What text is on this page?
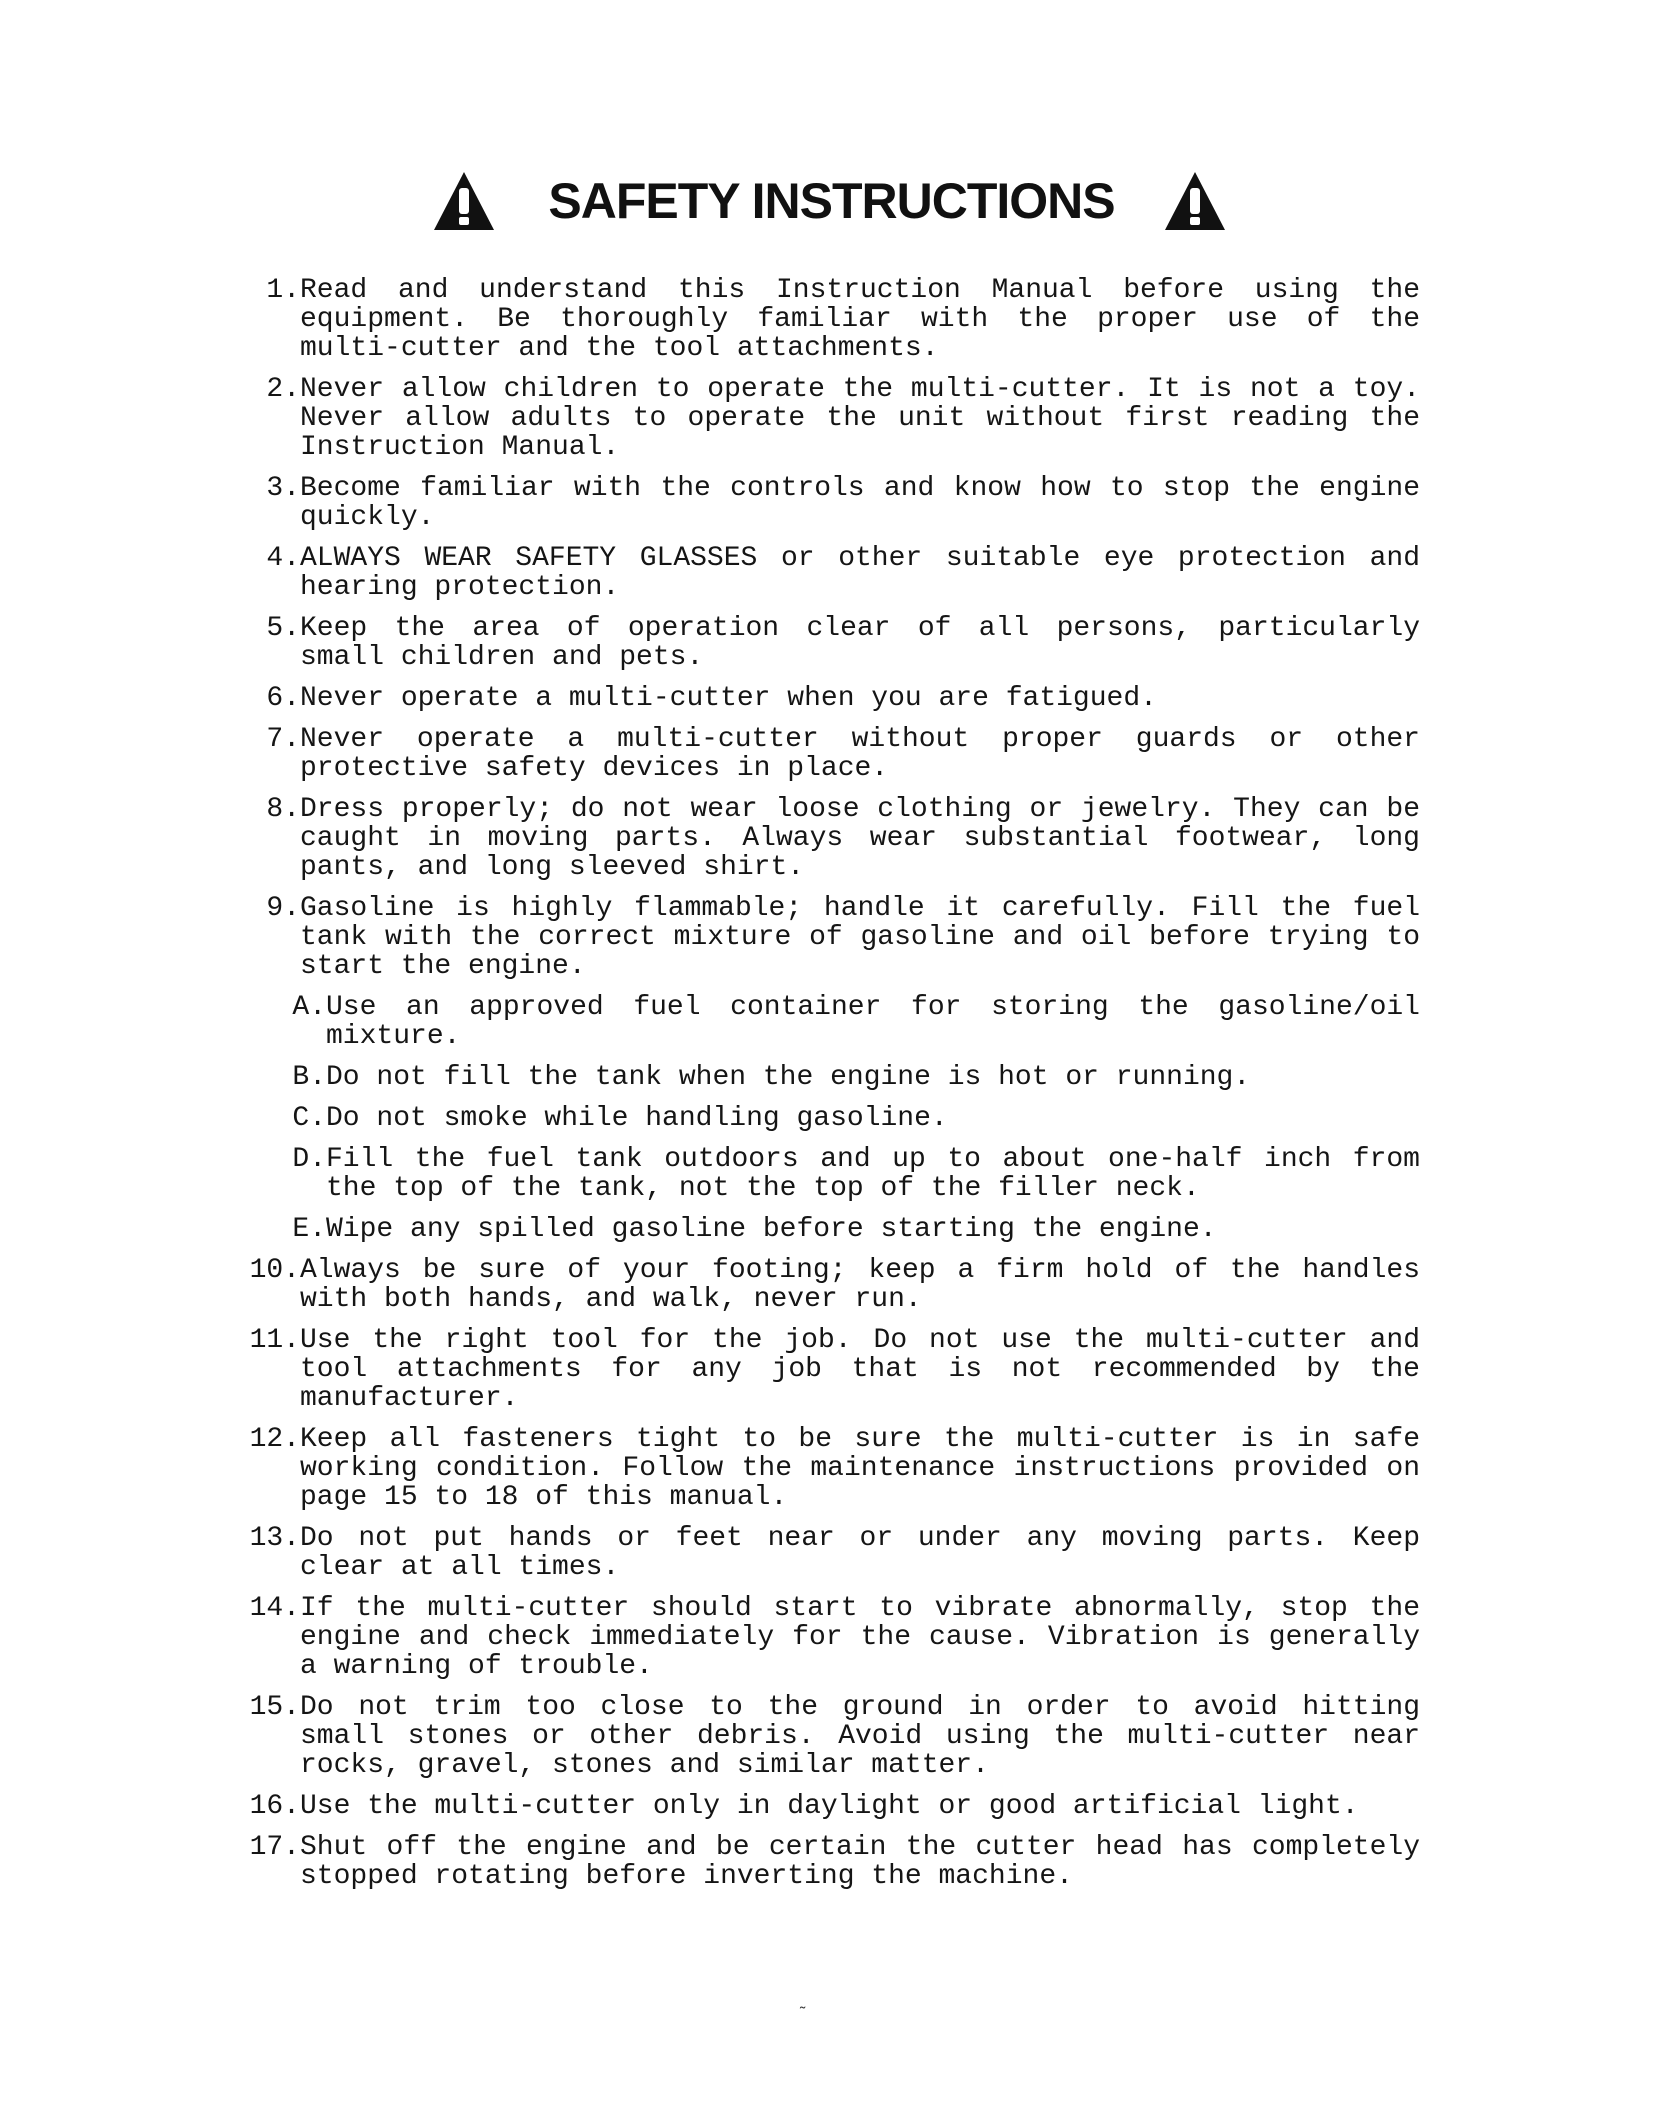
SAFETY INSTRUCTIONS
1. Read and understand this Instruction Manual before using the equipment. Be thoroughly familiar with the proper use of the multi-cutter and the tool attachments.
2. Never allow children to operate the multi-cutter. It is not a toy. Never allow adults to operate the unit without first reading the Instruction Manual.
3. Become familiar with the controls and know how to stop the engine quickly.
4. ALWAYS WEAR SAFETY GLASSES or other suitable eye protection and hearing protection.
5. Keep the area of operation clear of all persons, particularly small children and pets.
6. Never operate a multi-cutter when you are fatigued.
7. Never operate a multi-cutter without proper guards or other protective safety devices in place.
8. Dress properly; do not wear loose clothing or jewelry. They can be caught in moving parts. Always wear substantial footwear, long pants, and long sleeved shirt.
9. Gasoline is highly flammable; handle it carefully. Fill the fuel tank with the correct mixture of gasoline and oil before trying to start the engine.
A. Use an approved fuel container for storing the gasoline/oil mixture.
B. Do not fill the tank when the engine is hot or running.
C. Do not smoke while handling gasoline.
D. Fill the fuel tank outdoors and up to about one-half inch from the top of the tank, not the top of the filler neck.
E. Wipe any spilled gasoline before starting the engine.
10. Always be sure of your footing; keep a firm hold of the handles with both hands, and walk, never run.
11. Use the right tool for the job. Do not use the multi-cutter and tool attachments for any job that is not recommended by the manufacturer.
12. Keep all fasteners tight to be sure the multi-cutter is in safe working condition. Follow the maintenance instructions provided on page 15 to 18 of this manual.
13. Do not put hands or feet near or under any moving parts. Keep clear at all times.
14. If the multi-cutter should start to vibrate abnormally, stop the engine and check immediately for the cause. Vibration is generally a warning of trouble.
15. Do not trim too close to the ground in order to avoid hitting small stones or other debris. Avoid using the multi-cutter near rocks, gravel, stones and similar matter.
16. Use the multi-cutter only in daylight or good artificial light.
17. Shut off the engine and be certain the cutter head has completely stopped rotating before inverting the machine.
˜
